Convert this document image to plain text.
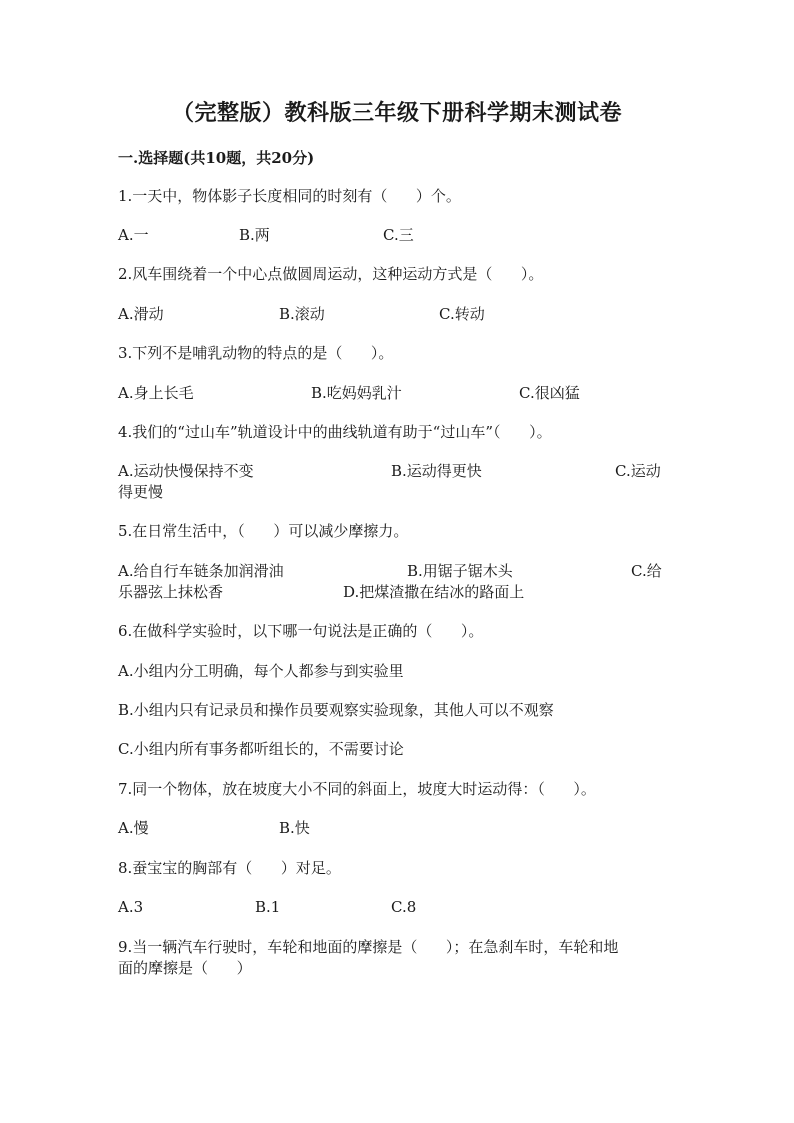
（完整版）教科版三年级下册科学期末测试卷
一.选择题(共10题，共20分)
1.一天中，物体影子长度相同的时刻有（      ）个。
A.一	B.两	C.三
2.风车围绕着一个中心点做圆周运动，这种运动方式是（      ）。
A.滑动	B.滚动	C.转动
3.下列不是哺乳动物的特点的是（      ）。
A.身上长毛	B.吃妈妈乳汁	C.很凶猛
4.我们的“过山车”轨道设计中的曲线轨道有助于“过山车”（      ）。
A.运动快慢保持不变	B.运动得更快	C.运动
得更慢
5.在日常生活中，（      ）可以减少摩擦力。
A.给自行车链条加润滑油	B.用锯子锯木头	C.给
乐器弦上抹松香	D.把煤渣撒在结冰的路面上
6.在做科学实验时，以下哪一句说法是正确的（      ）。
A.小组内分工明确，每个人都参与到实验里
B.小组内只有记录员和操作员要观察实验现象，其他人可以不观察
C.小组内所有事务都听组长的，不需要讨论
7.同一个物体，放在坡度大小不同的斜面上，坡度大时运动得：（      ）。
A.慢	B.快
8.蚕宝宝的胸部有（      ）对足。
A.3	B.1	C.8
9.当一辆汽车行驶时，车轮和地面的摩擦是（      ）；在急刹车时，车轮和地
面的摩擦是（      ）
